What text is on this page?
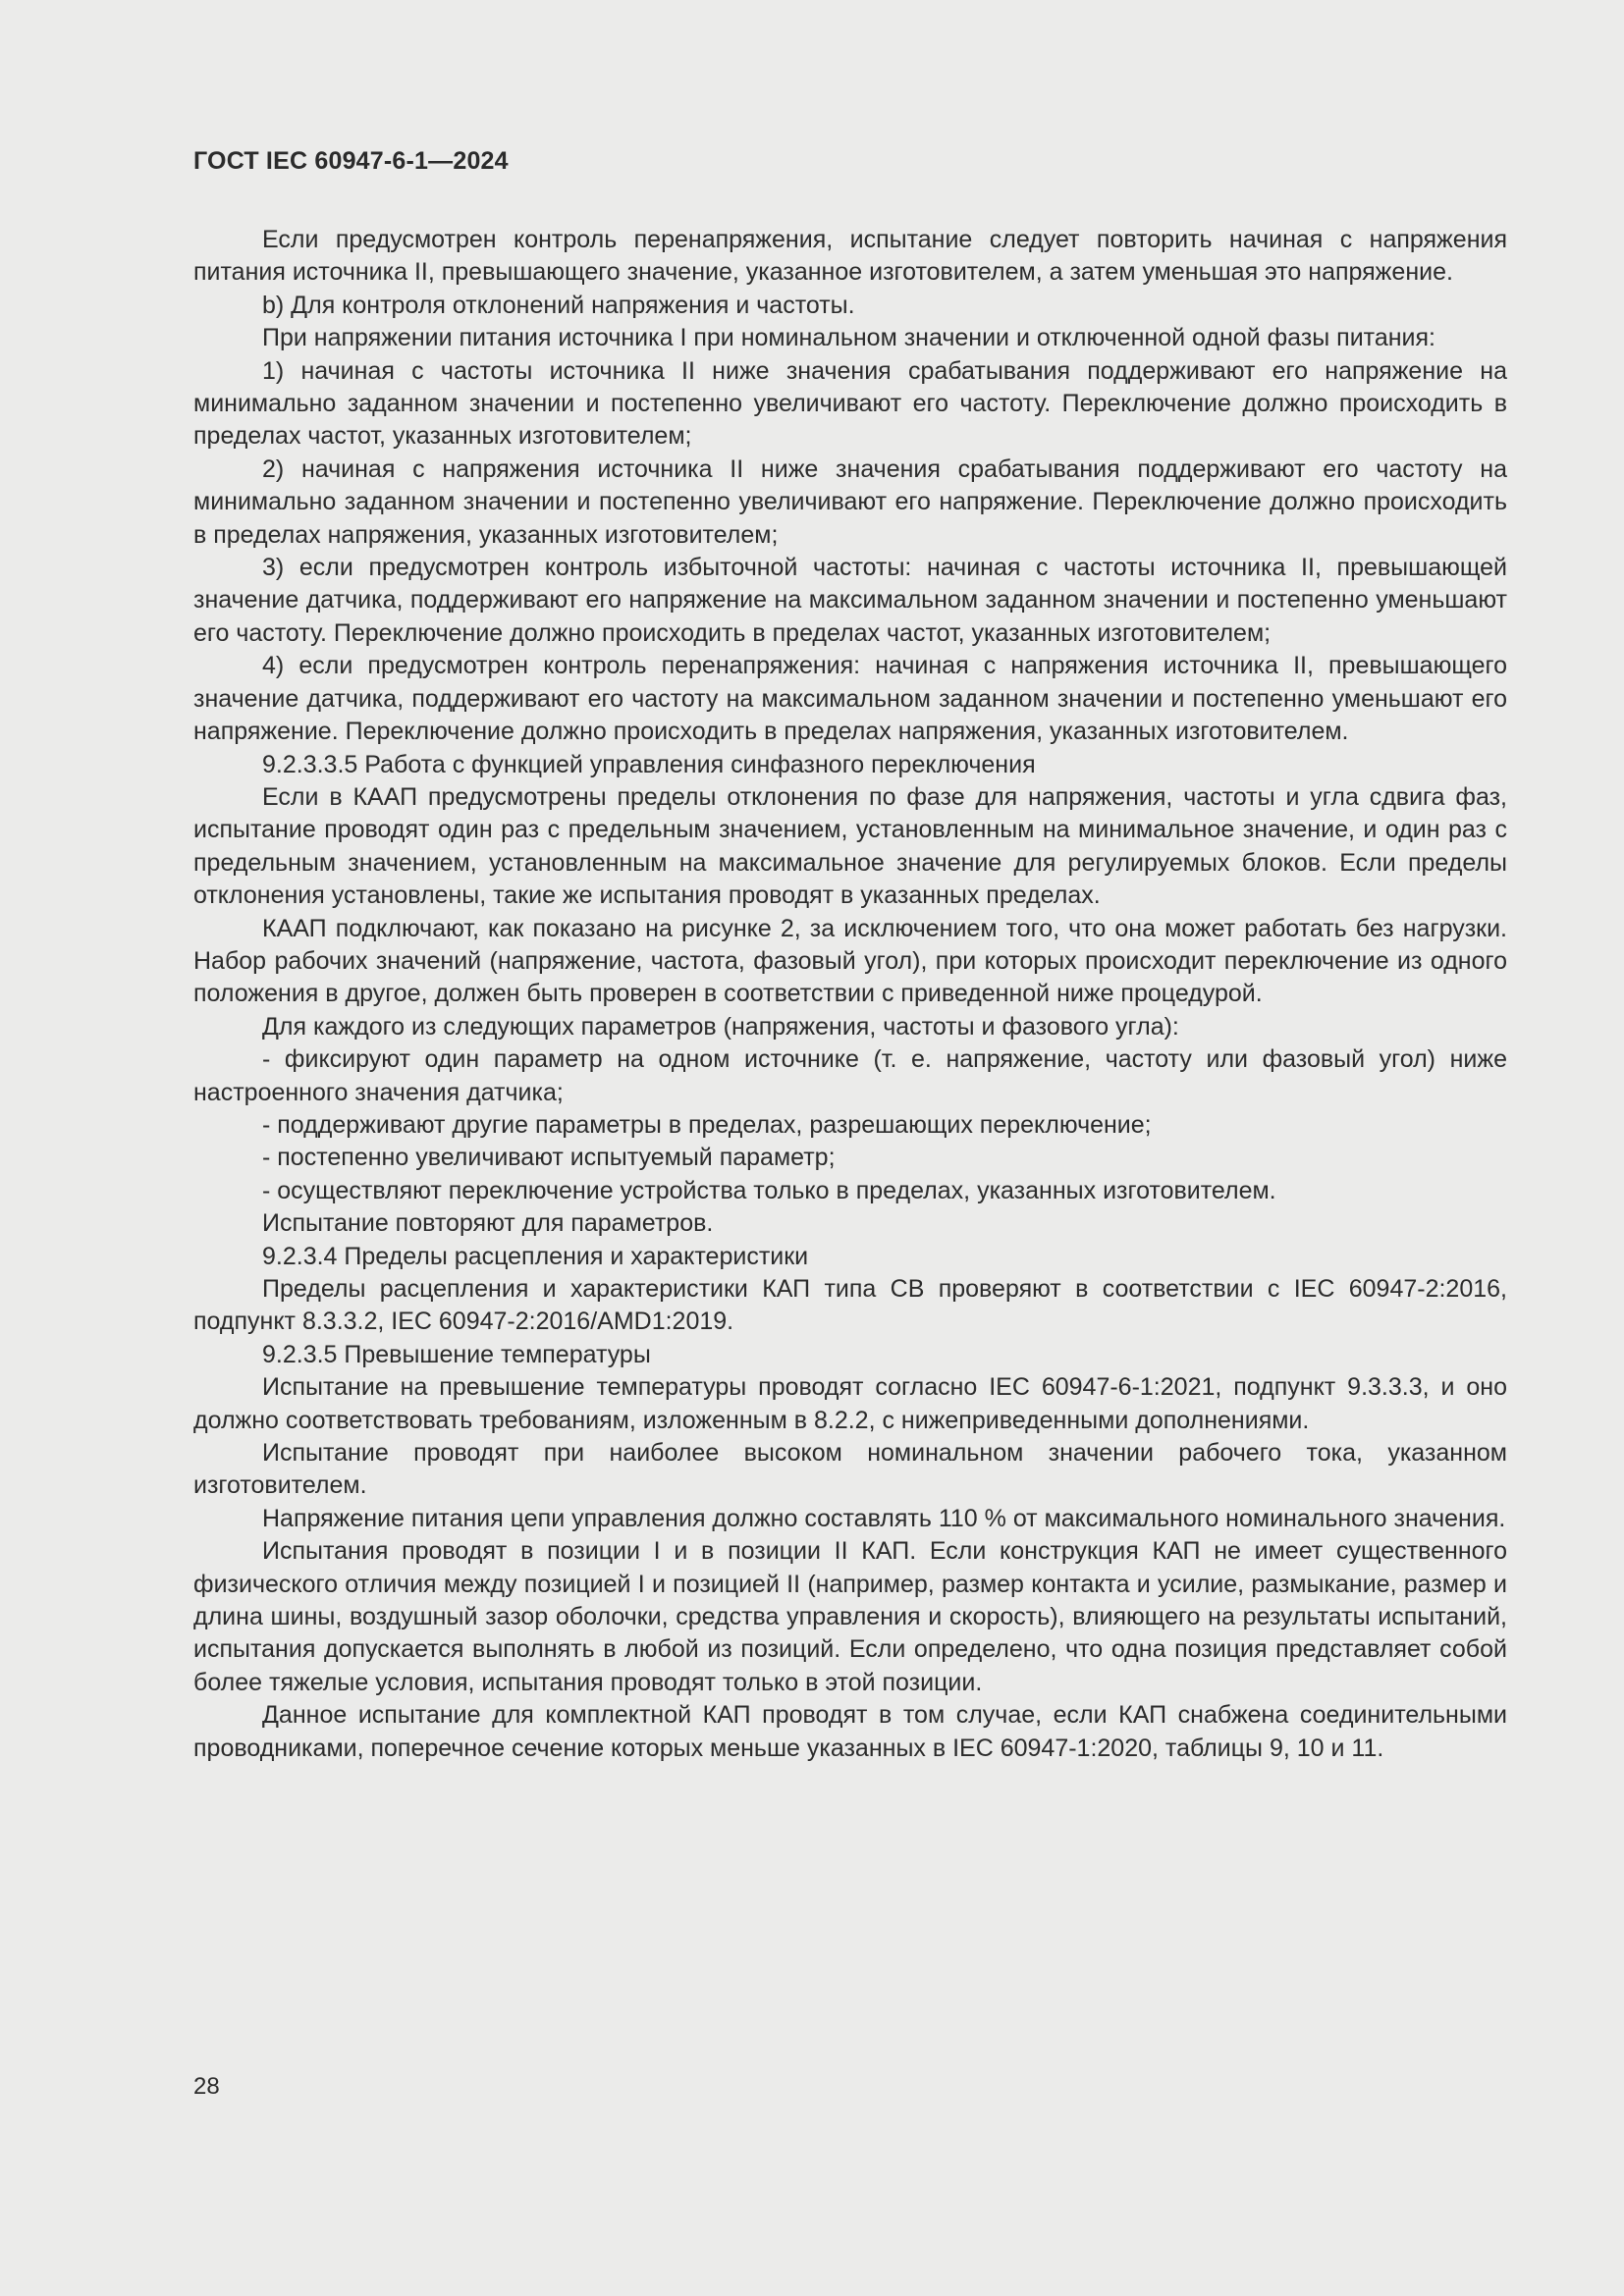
ГОСТ IEC 60947-6-1—2024

Если предусмотрен контроль перенапряжения, испытание следует повторить начиная с напряжения питания источника II, превышающего значение, указанное изготовителем, а затем уменьшая это напряжение.

b) Для контроля отклонений напряжения и частоты.

При напряжении питания источника I при номинальном значении и отключенной одной фазы питания:

1) начиная с частоты источника II ниже значения срабатывания поддерживают его напряжение на минимально заданном значении и постепенно увеличивают его частоту. Переключение должно происходить в пределах частот, указанных изготовителем;

2) начиная с напряжения источника II ниже значения срабатывания поддерживают его частоту на минимально заданном значении и постепенно увеличивают его напряжение. Переключение должно происходить в пределах напряжения, указанных изготовителем;

3) если предусмотрен контроль избыточной частоты: начиная с частоты источника II, превышающей значение датчика, поддерживают его напряжение на максимальном заданном значении и постепенно уменьшают его частоту. Переключение должно происходить в пределах частот, указанных изготовителем;

4) если предусмотрен контроль перенапряжения: начиная с напряжения источника II, превышающего значение датчика, поддерживают его частоту на максимальном заданном значении и постепенно уменьшают его напряжение. Переключение должно происходить в пределах напряжения, указанных изготовителем.

9.2.3.3.5 Работа с функцией управления синфазного переключения

Если в КААП предусмотрены пределы отклонения по фазе для напряжения, частоты и угла сдвига фаз, испытание проводят один раз с предельным значением, установленным на минимальное значение, и один раз с предельным значением, установленным на максимальное значение для регулируемых блоков. Если пределы отклонения установлены, такие же испытания проводят в указанных пределах.

КААП подключают, как показано на рисунке 2, за исключением того, что она может работать без нагрузки. Набор рабочих значений (напряжение, частота, фазовый угол), при которых происходит переключение из одного положения в другое, должен быть проверен в соответствии с приведенной ниже процедурой.

Для каждого из следующих параметров (напряжения, частоты и фазового угла):

- фиксируют один параметр на одном источнике (т. е. напряжение, частоту или фазовый угол) ниже настроенного значения датчика;

- поддерживают другие параметры в пределах, разрешающих переключение;

- постепенно увеличивают испытуемый параметр;

- осуществляют переключение устройства только в пределах, указанных изготовителем.

Испытание повторяют для параметров.

9.2.3.4 Пределы расцепления и характеристики

Пределы расцепления и характеристики КАП типа CB проверяют в соответствии с IEC 60947-2:2016, подпункт 8.3.3.2, IEC 60947-2:2016/AMD1:2019.

9.2.3.5 Превышение температуры

Испытание на превышение температуры проводят согласно IEC 60947-6-1:2021, подпункт 9.3.3.3, и оно должно соответствовать требованиям, изложенным в 8.2.2, с нижеприведенными дополнениями.

Испытание проводят при наиболее высоком номинальном значении рабочего тока, указанном изготовителем.

Напряжение питания цепи управления должно составлять 110 % от максимального номинального значения.

Испытания проводят в позиции I и в позиции II КАП. Если конструкция КАП не имеет существенного физического отличия между позицией I и позицией II (например, размер контакта и усилие, размыкание, размер и длина шины, воздушный зазор оболочки, средства управления и скорость), влияющего на результаты испытаний, испытания допускается выполнять в любой из позиций. Если определено, что одна позиция представляет собой более тяжелые условия, испытания проводят только в этой позиции.

Данное испытание для комплектной КАП проводят в том случае, если КАП снабжена соединительными проводниками, поперечное сечение которых меньше указанных в IEC 60947-1:2020, таблицы 9, 10 и 11.

28
